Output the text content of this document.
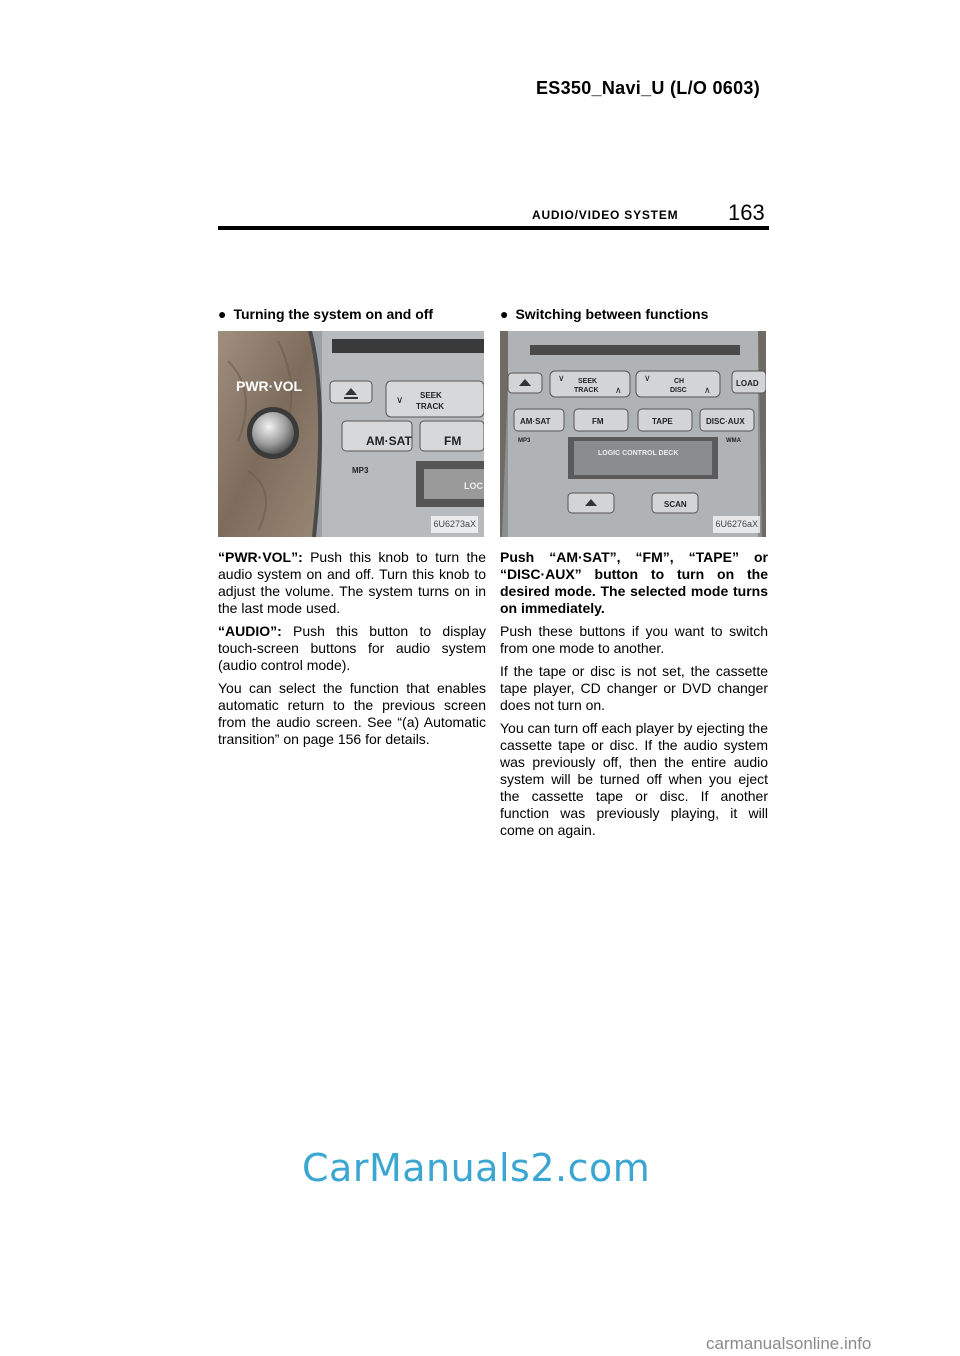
ES350_Navi_U (L/O 0603)
AUDIO/VIDEO SYSTEM 163
● Turning the system on and off
PWR·VOL
AM·SAT	FM
SEEK
TRACK
∨
MP3
LOC
6U6273aX

“PWR·VOL”: Push this knob to turn the audio system on and off. Turn this knob to adjust the volume. The system turns on in the last mode used.

“AUDIO”: Push this button to display touch-screen buttons for audio system (audio control mode).

You can select the function that enables automatic return to the previous screen from the audio screen. See “(a) Automatic transition” on page 156 for details.

● Switching between functions
∨
∧
SEEK
TRACK
∨
∧
CH
DISC
LOAD
AM·SAT	FM	TAPE	DISC·AUX
MP3	WMA
LOGIC CONTROL DECK
SCAN
6U6276aX

Push “AM·SAT”, “FM”, “TAPE” or “DISC·AUX” button to turn on the desired mode. The selected mode turns on immediately.

Push these buttons if you want to switch from one mode to another.

If the tape or disc is not set, the cassette tape player, CD changer or DVD changer does not turn on.

You can turn off each player by ejecting the cassette tape or disc. If the audio system was previously off, then the entire audio system will be turned off when you eject the cassette tape or disc. If another function was previously playing, it will come on again.

CarManuals2.com
carmanualsonline.info
